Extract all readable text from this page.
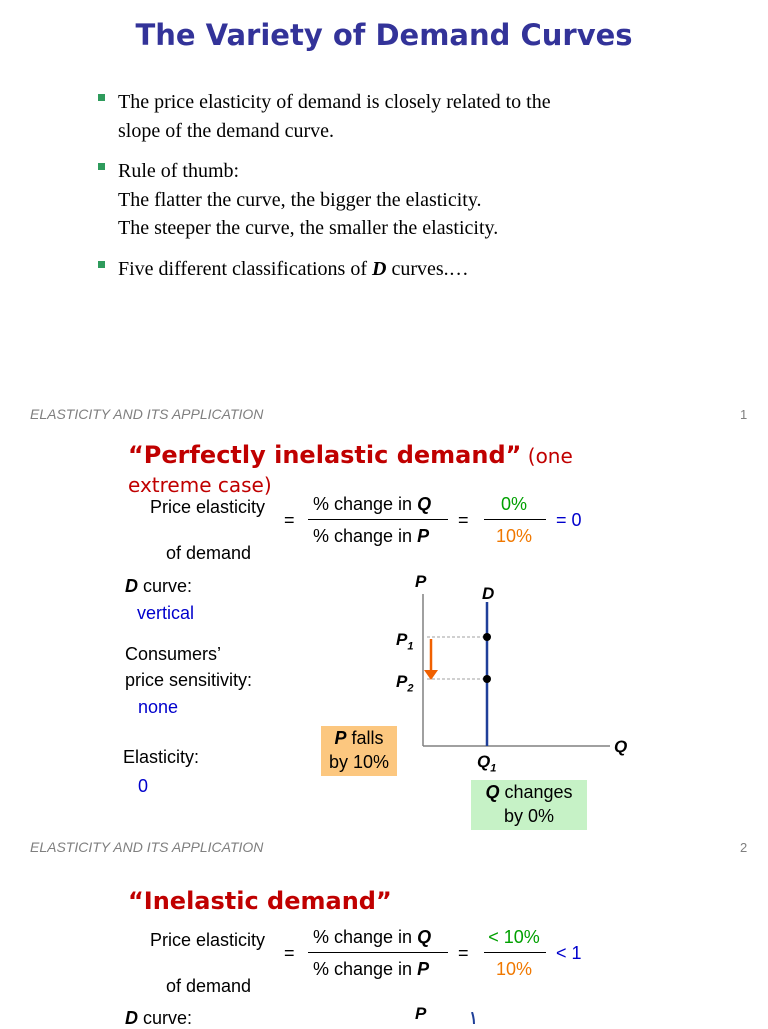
The Variety of Demand Curves
The price elasticity of demand is closely related to the
slope of the demand curve.
Rule of thumb:
The flatter the curve, the bigger the elasticity.
The steeper the curve, the smaller the elasticity.
Five different classifications of D curves.…
ELASTICITY AND ITS APPLICATION	1
“Perfectly inelastic demand” (one extreme case)
Price elasticity
of demand
=
% change in Q
% change in P
=
0%
10%
= 0
D curve:
vertical
Consumers’
price sensitivity:
none
Elasticity:
0
P
D
$P_1$
$P_2$
Q
$Q_1$
P falls
by 10%
Q changes
by 0%
ELASTICITY AND ITS APPLICATION	2
“Inelastic demand”
Price elasticity
of demand
=
% change in Q
% change in P
=
< 10%
10%
< 1
D curve:	P
